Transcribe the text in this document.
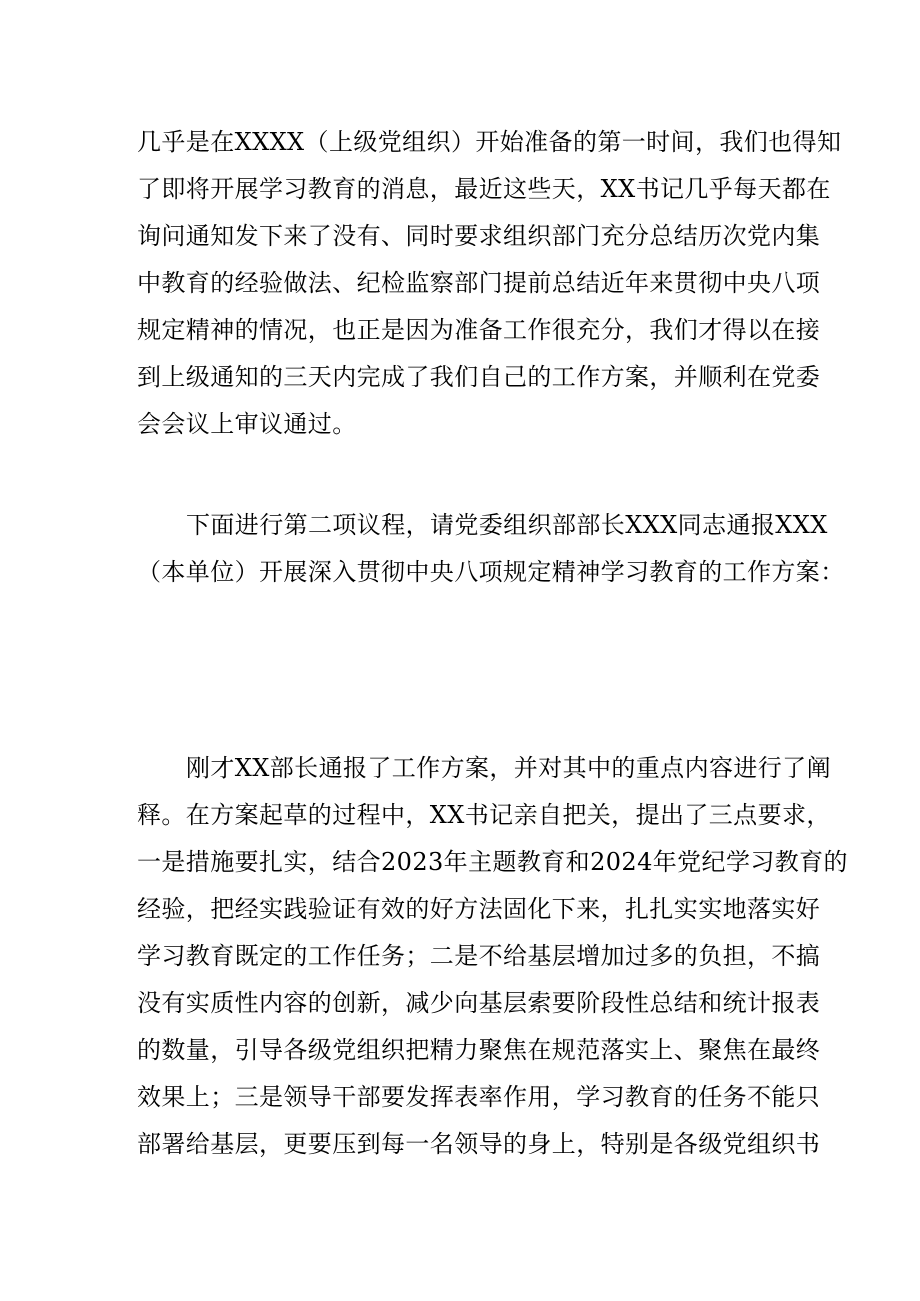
几乎是在XXXX（上级党组织）开始准备的第一时间，我们也得知
了即将开展学习教育的消息，最近这些天，XX书记几乎每天都在
询问通知发下来了没有、同时要求组织部门充分总结历次党内集
中教育的经验做法、纪检监察部门提前总结近年来贯彻中央八项
规定精神的情况，也正是因为准备工作很充分，我们才得以在接
到上级通知的三天内完成了我们自己的工作方案，并顺利在党委
会会议上审议通过。
下面进行第二项议程，请党委组织部部长XXX同志通报XXX
（本单位）开展深入贯彻中央八项规定精神学习教育的工作方案：
刚才XX部长通报了工作方案，并对其中的重点内容进行了阐
释。在方案起草的过程中，XX书记亲自把关，提出了三点要求，
一是措施要扎实，结合2023年主题教育和2024年党纪学习教育的
经验，把经实践验证有效的好方法固化下来，扎扎实实地落实好
学习教育既定的工作任务；二是不给基层增加过多的负担，不搞
没有实质性内容的创新，减少向基层索要阶段性总结和统计报表
的数量，引导各级党组织把精力聚焦在规范落实上、聚焦在最终
效果上；三是领导干部要发挥表率作用，学习教育的任务不能只
部署给基层，更要压到每一名领导的身上，特别是各级党组织书
